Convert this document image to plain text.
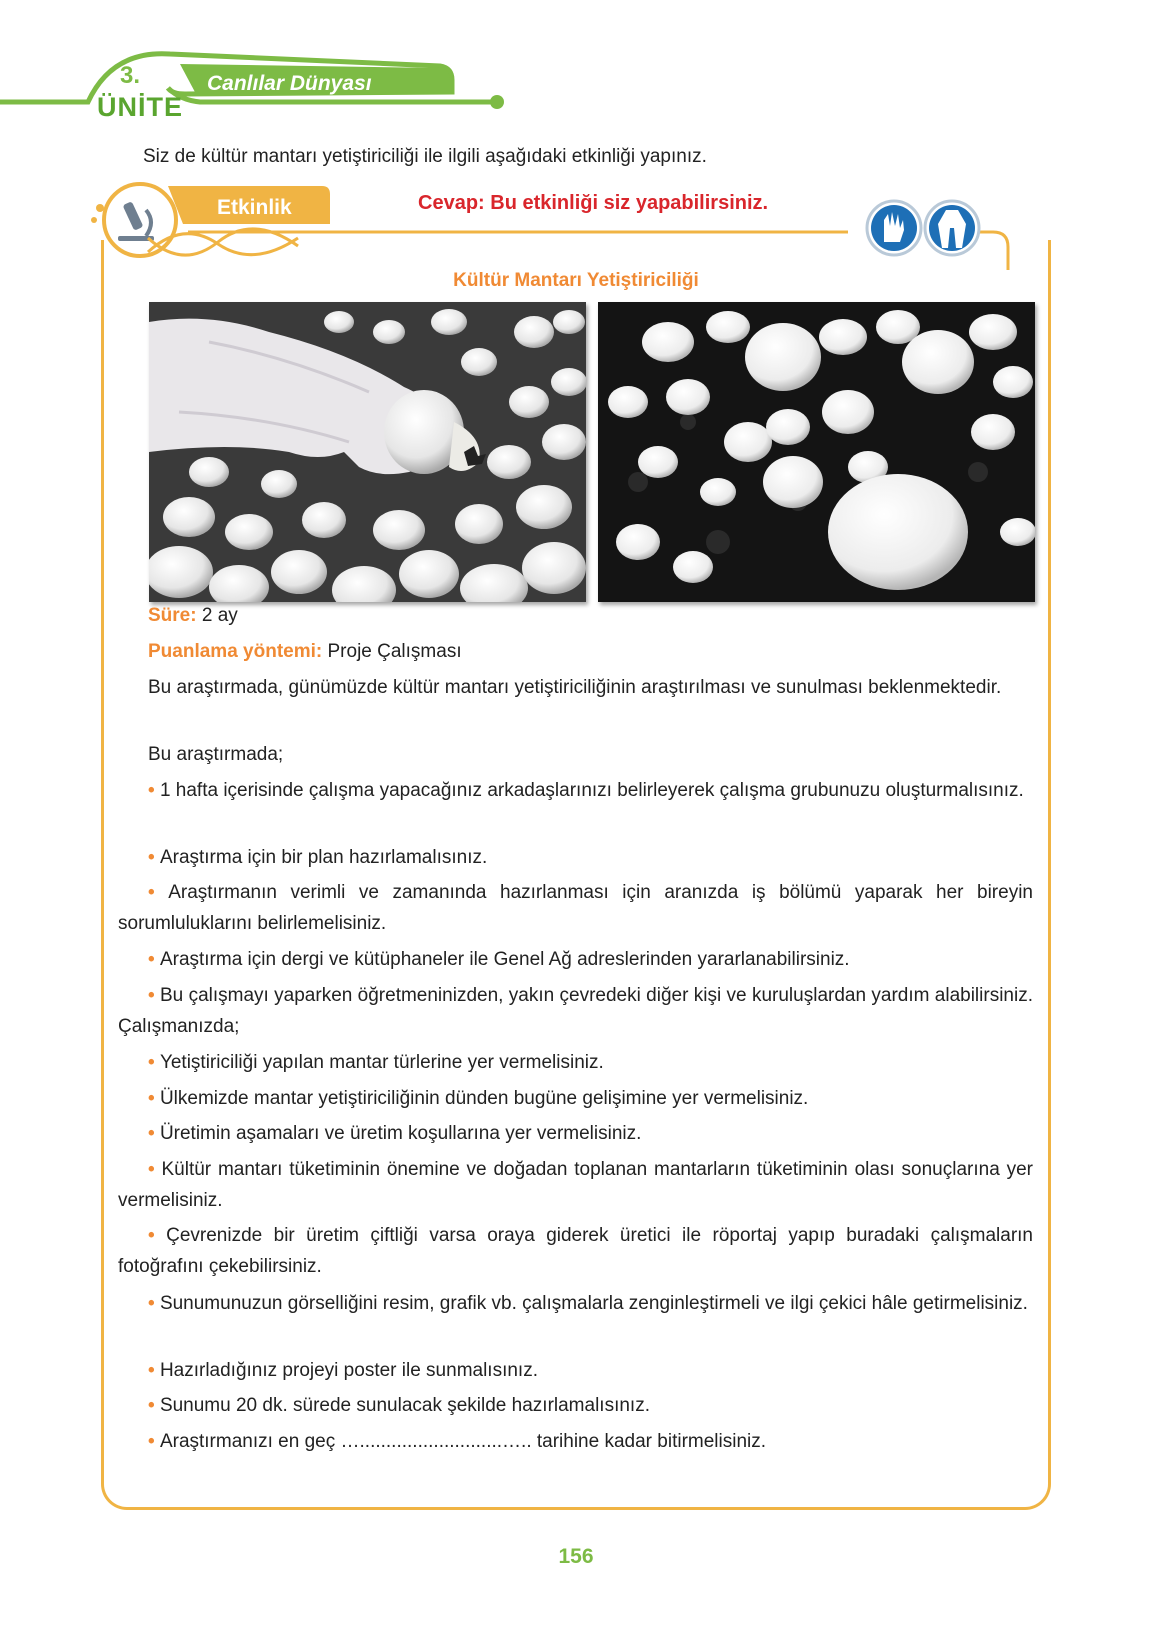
3.
ÜNİTE
Canlılar Dünyası
Siz de kültür mantarı yetiştiriciliği ile ilgili aşağıdaki etkinliği yapınız.
Etkinlik	Cevap: Bu etkinliği siz yapabilirsiniz.
Kültür Mantarı Yetiştiriciliği
Süre: 2 ay
Puanlama yöntemi: Proje Çalışması
Bu araştırmada, günümüzde kültür mantarı yetiştiriciliğinin araştırılması ve sunulması beklenmektedir.
Bu araştırmada;
• 1 hafta içerisinde çalışma yapacağınız arkadaşlarınızı belirleyerek çalışma grubunuzu oluşturmalısınız.
• Araştırma için bir plan hazırlamalısınız.
• Araştırmanın verimli ve zamanında hazırlanması için aranızda iş bölümü yaparak her bireyin sorumluluklarını belirlemelisiniz.
• Araştırma için dergi ve kütüphaneler ile Genel Ağ adreslerinden yararlanabilirsiniz.
• Bu çalışmayı yaparken öğretmeninizden, yakın çevredeki diğer kişi ve kuruluşlardan yardım alabilirsiniz. Çalışmanızda;
• Yetiştiriciliği yapılan mantar türlerine yer vermelisiniz.
• Ülkemizde mantar yetiştiriciliğinin dünden bugüne gelişimine yer vermelisiniz.
• Üretimin aşamaları ve üretim koşullarına yer vermelisiniz.
• Kültür mantarı tüketiminin önemine ve doğadan toplanan mantarların tüketiminin olası sonuçlarına yer vermelisiniz.
• Çevrenizde bir üretim çiftliği varsa oraya giderek üretici ile röportaj yapıp buradaki çalışmaların fotoğrafını çekebilirsiniz.
• Sunumunuzun görselliğini resim, grafik vb. çalışmalarla zenginleştirmeli ve ilgi çekici hâle getirmelisiniz.
• Hazırladığınız projeyi poster ile sunmalısınız.
• Sunumu 20 dk. sürede sunulacak şekilde hazırlamalısınız.
• Araştırmanızı en geç …...........................….. tarihine kadar bitirmelisiniz.
156
